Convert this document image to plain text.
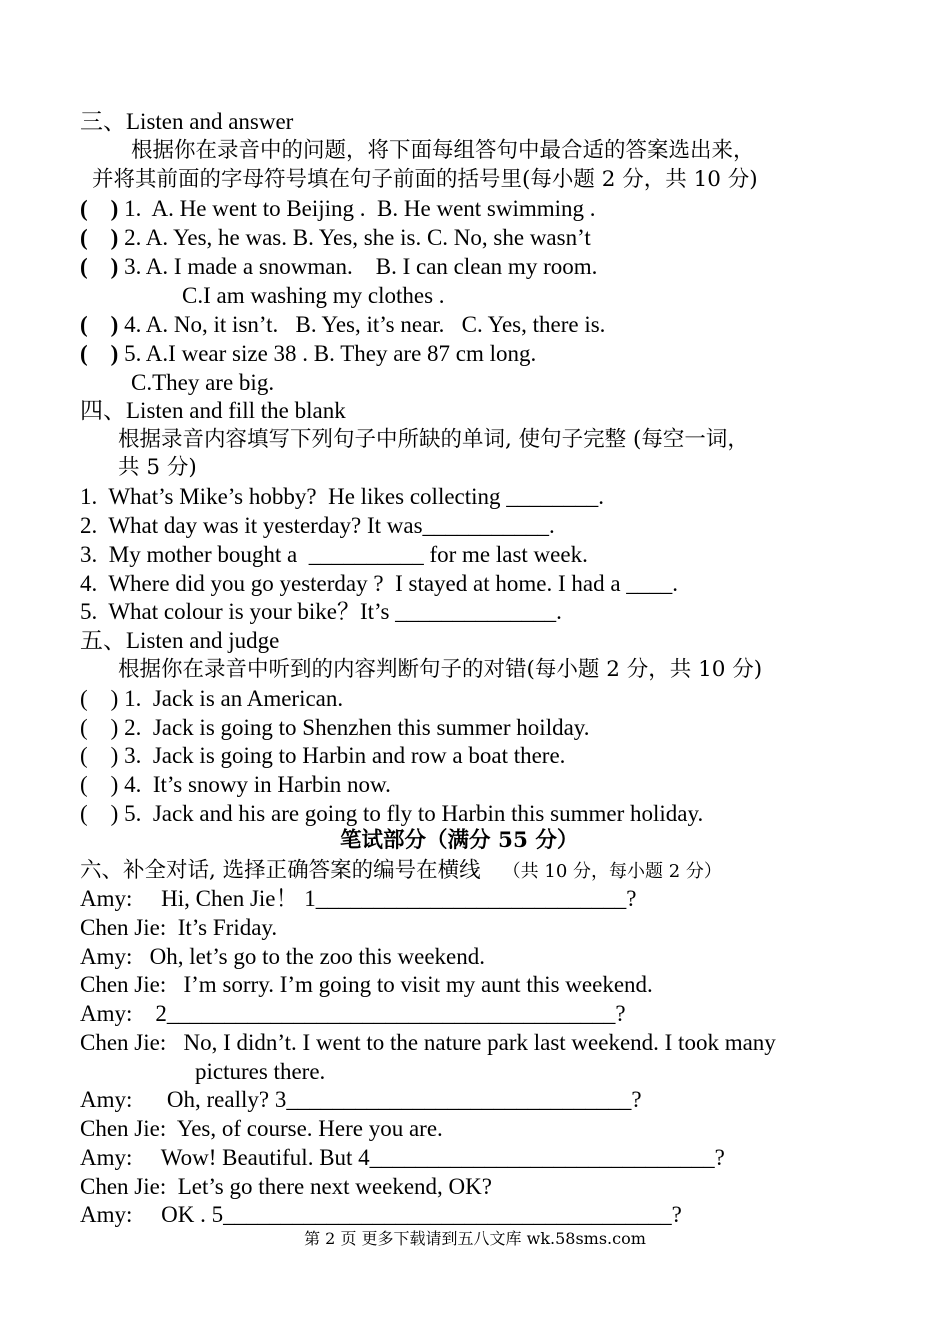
三、Listen and answer
根据你在录音中的问题，将下面每组答句中最合适的答案选出来，
并将其前面的字母符号填在句子前面的括号里(每小题 2 分，共 10 分)
(    ) 1.  A. He went to Beijing .  B. He went swimming .
(    ) 2. A. Yes, he was. B. Yes, she is. C. No, she wasn’t
(    ) 3. A. I made a snowman.    B. I can clean my room.
C.I am washing my clothes .
(    ) 4. A. No, it isn’t.   B. Yes, it’s near.   C. Yes, there is.
(    ) 5. A.I wear size 38 . B. They are 87 cm long.
C.They are big.
四、Listen and fill the blank
根据录音内容填写下列句子中所缺的单词, 使句子完整 (每空一词，
共 5 分)
1.  What’s Mike’s hobby?  He likes collecting ________.
2.  What day was it yesterday? It was___________.
3.  My mother bought a  __________ for me last week.
4.  Where did you go yesterday ?  I stayed at home. I had a ____.
5.  What colour is your bike？It’s ______________.
五、Listen and judge
根据你在录音中听到的内容判断句子的对错(每小题 2 分，共 10 分)
(    ) 1.  Jack is an American.
(    ) 2.  Jack is going to Shenzhen this summer hoilday.
(    ) 3.  Jack is going to Harbin and row a boat there.
(    ) 4.  It’s snowy in Harbin now.
(    ) 5.  Jack and his are going to fly to Harbin this summer holiday.
笔试部分（满分 55 分）
六、补全对话, 选择正确答案的编号在横线 （共 10 分，每小题 2 分）
Amy:     Hi, Chen Jie！ 1___________________________?
Chen Jie:  It’s Friday.
Amy:   Oh, let’s go to the zoo this weekend.
Chen Jie:   I’m sorry. I’m going to visit my aunt this weekend.
Amy:    2_______________________________________?
Chen Jie:   No, I didn’t. I went to the nature park last weekend. I took many
pictures there.
Amy:      Oh, really? 3______________________________?
Chen Jie:  Yes, of course. Here you are.
Amy:     Wow! Beautiful. But 4______________________________?
Chen Jie:  Let’s go there next weekend, OK?
Amy:     OK . 5_______________________________________?
第 2 页 更多下载请到五八文库 wk.58sms.com
